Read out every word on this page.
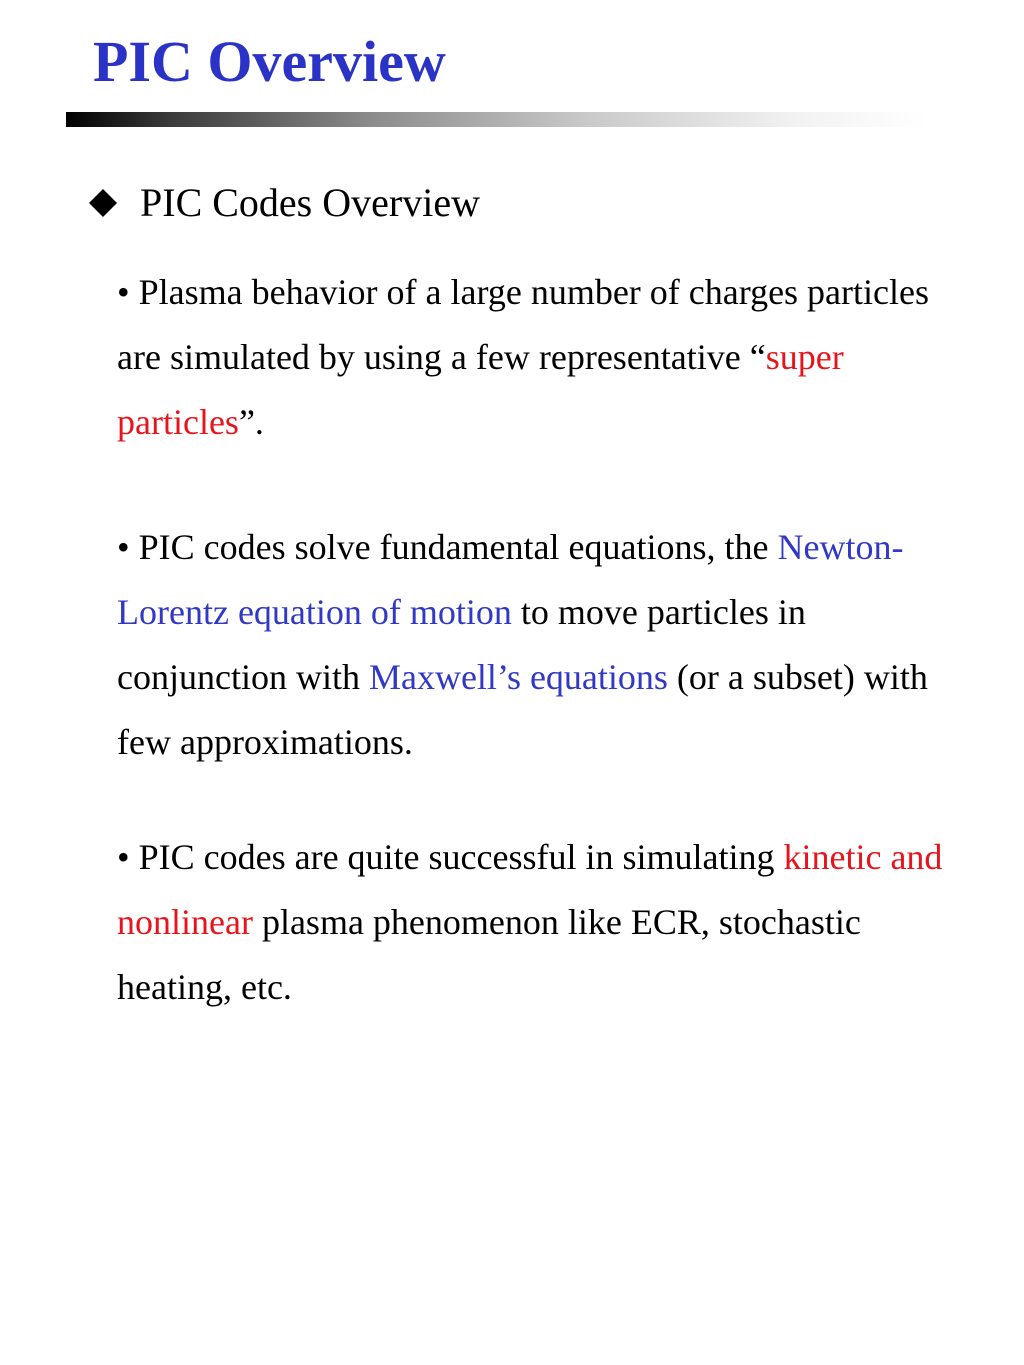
PIC Overview
PIC Codes Overview

• Plasma behavior of a large number of charges particles are simulated by using a few representative “super particles”.

• PIC codes solve fundamental equations, the Newton-Lorentz equation of motion to move particles in conjunction with Maxwell’s equations (or a subset) with few approximations.

• PIC codes are quite successful in simulating kinetic and nonlinear plasma phenomenon like ECR, stochastic heating, etc.
